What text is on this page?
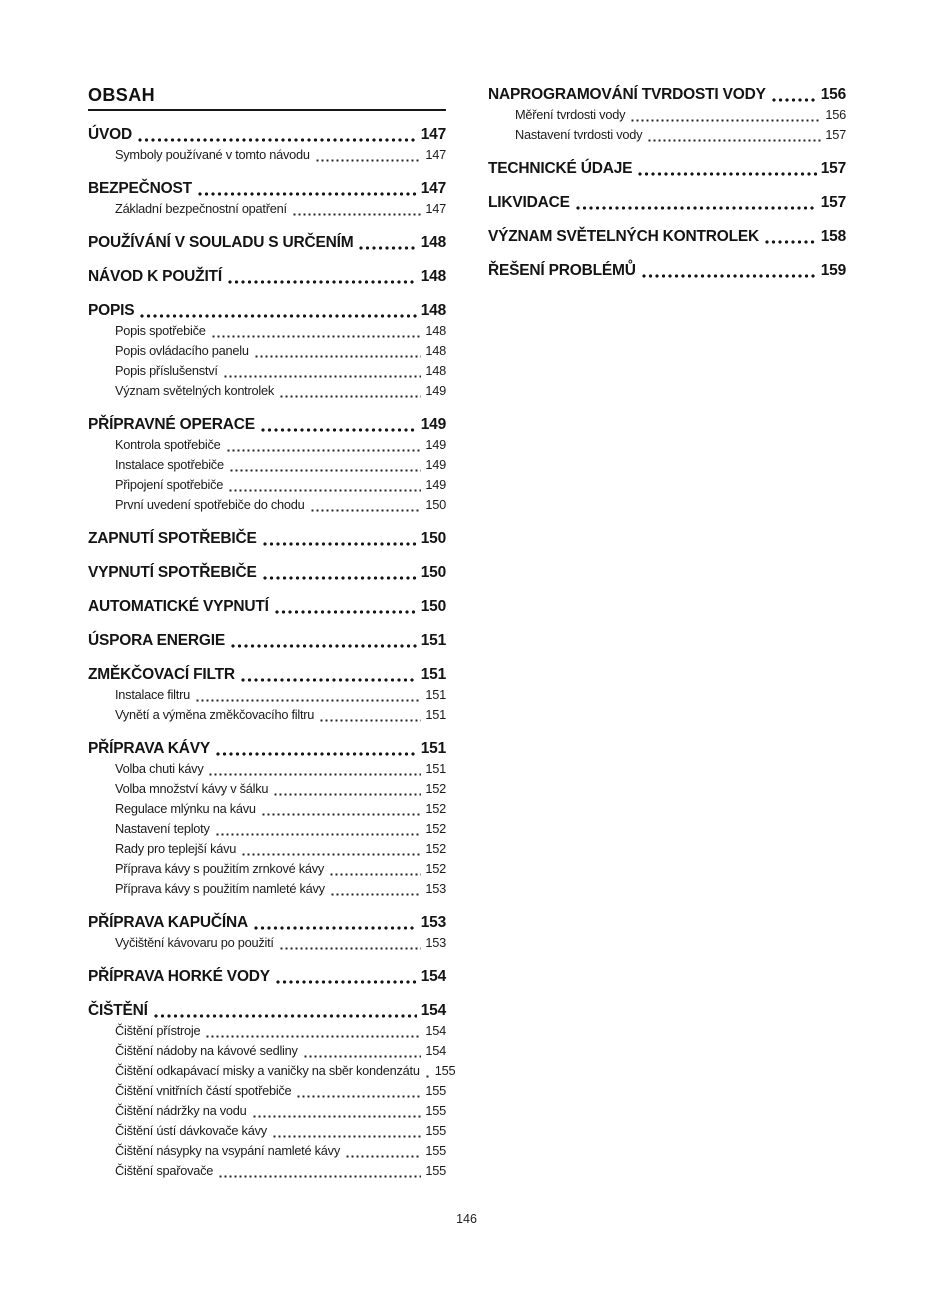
OBSAH
ÚVOD	147
Symboly používané v tomto návodu	147
BEZPEČNOST	147
Základní bezpečnostní opatření	147
POUŽÍVÁNÍ V SOULADU S URČENÍM	148
NÁVOD K POUŽITÍ	148
POPIS	148
Popis spotřebiče	148
Popis ovládacího panelu	148
Popis příslušenství	148
Význam světelných kontrolek	149
PŘÍPRAVNÉ OPERACE	149
Kontrola spotřebiče	149
Instalace spotřebiče	149
Připojení spotřebiče	149
První uvedení spotřebiče do chodu	150
ZAPNUTÍ SPOTŘEBIČE	150
VYPNUTÍ SPOTŘEBIČE	150
AUTOMATICKÉ VYPNUTÍ	150
ÚSPORA ENERGIE	151
ZMĚKČOVACÍ FILTR	151
Instalace filtru	151
Vynětí a výměna změkčovacího filtru	151
PŘÍPRAVA KÁVY	151
Volba chuti kávy	151
Volba množství kávy v šálku	152
Regulace mlýnku na kávu	152
Nastavení teploty	152
Rady pro teplejší kávu	152
Příprava kávy s použitím zrnkové kávy	152
Příprava kávy s použitím namleté kávy	153
PŘÍPRAVA KAPUČÍNA	153
Vyčištění kávovaru po použití	153
PŘÍPRAVA HORKÉ VODY	154
ČIŠTĚNÍ	154
Čištění přístroje	154
Čištění nádoby na kávové sedliny	154
Čištění odkapávací misky a vaničky na sběr kondenzátu 155
Čištění vnitřních částí spotřebiče	155
Čištění nádržky na vodu	155
Čištění ústí dávkovače kávy	155
Čištění násypky na vsypání namleté kávy	155
Čištění spařovače	155
NAPROGRAMOVÁNÍ TVRDOSTI VODY	156
Měření tvrdosti vody	156
Nastavení tvrdosti vody	157
TECHNICKÉ ÚDAJE	157
LIKVIDACE	157
VÝZNAM SVĚTELNÝCH KONTROLEK	158
ŘEŠENÍ PROBLÉMŮ	159
146
